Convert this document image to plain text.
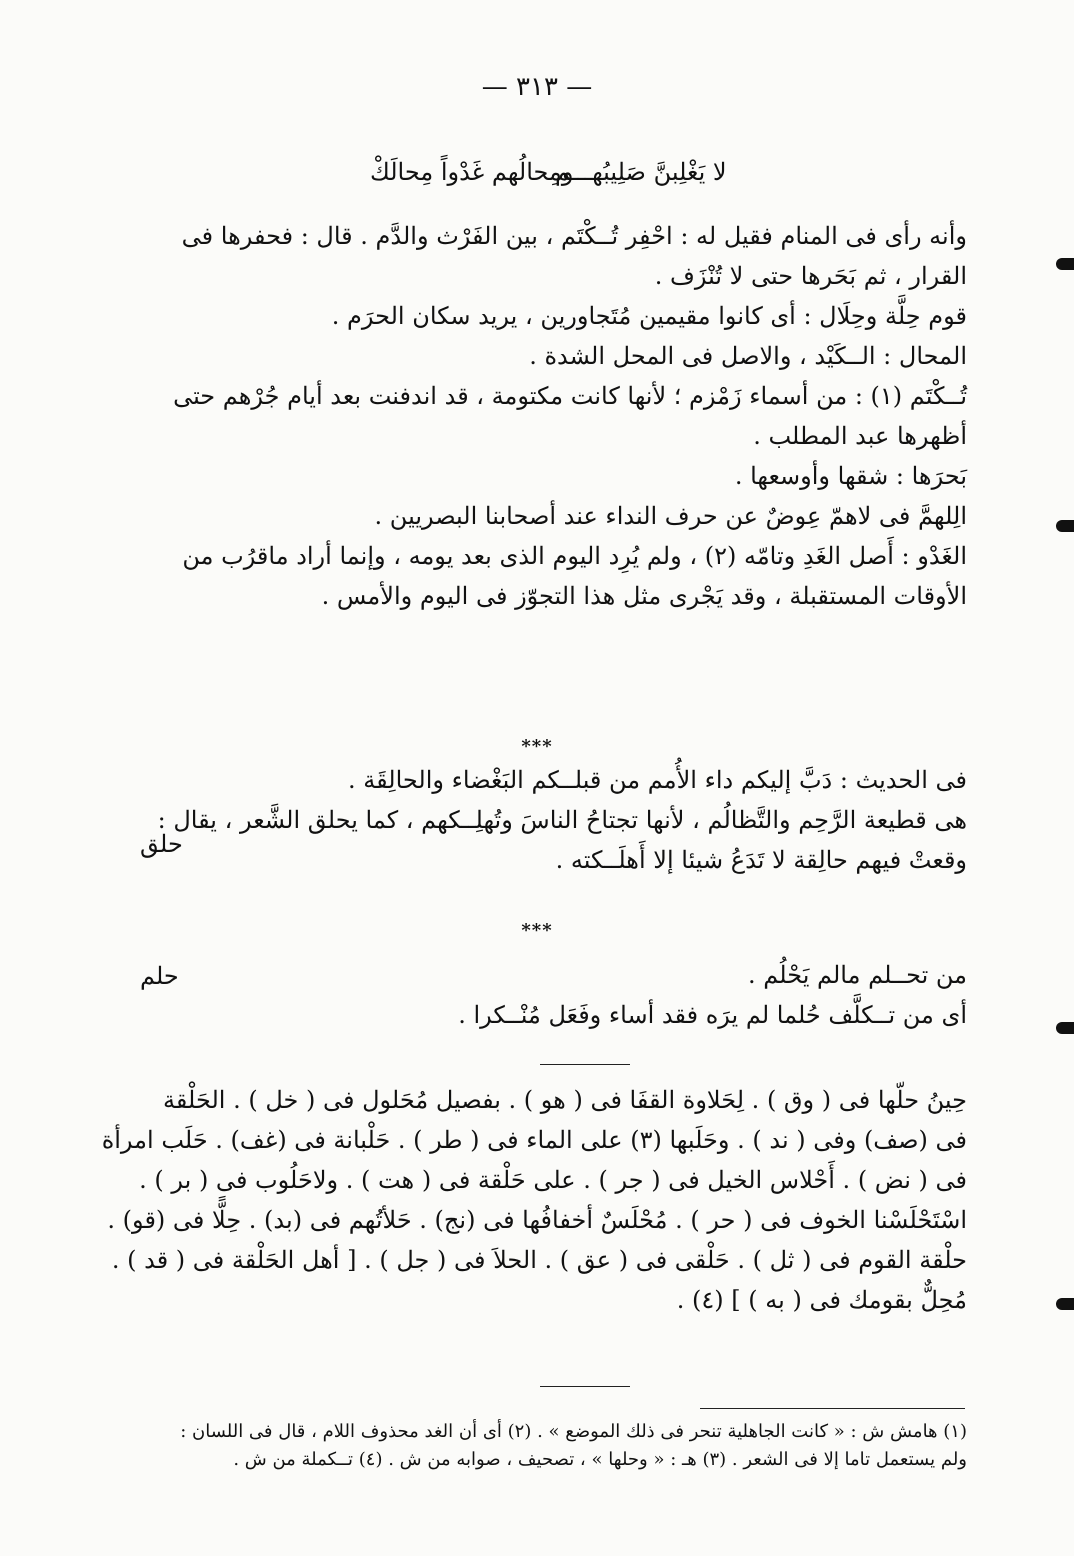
— ٣١٣ —
لا يَغْلِبنَّ صَلِيبُهـــم
ومِحالُهم غَدْواً مِحالَكْ
وأنه رأى فى المنام فقيل له : احْفِر تُــكْتَم ، بين الفَرْث والدَّم . قال : فحفرها فى
القرار ، ثم بَحَرها حتى لا تُنْزَف .
قوم حِلَّة وحِلَال : أى كانوا مقيمين مُتَجاورين ، يريد سكان الحرَم .
المحال : الــكَيْد ، والاصل فى المحل الشدة .
تُــكْتَم (١) : من أسماء زَمْزم ؛ لأنها كانت مكتومة ، قد اندفنت بعد أيام جُرْهم حتى
أظهرها عبد المطلب .
بَحرَها : شقها وأوسعها .
الِلهمَّ فى لاهمّ عِوضٌ عن حرف النداء عند أصحابنا البصريين .
الغَدْو : أَصل الغَدِ وتامّه (٢) ، ولم يُرِد اليوم الذى بعد يومه ، وإنما أراد ماقرُب من
الأوقات المستقبلة ، وقد يَجْرى مثل هذا التجوّز فى اليوم والأمس .
***
فى الحديث : دَبَّ إليكم داء الأُمم من قبلــكم البَغْضاء والحالِقَة .
هى قطيعة الرَّحِم والتَّظالُم ، لأنها تجتاحُ الناسَ وتُهلِــكهم ، كما يحلق الشَّعر ، يقال :
وقعتْ فيهم حالِقة لا تَدَعُ شيئا إلا أَهلَــكته .
***
من تحــلم مالم يَحْلُم .
أى من تــكلَّف حُلما لم يرَه فقد أساء وفَعَل مُنْــكرا .
حلق
حلم
حِينُ حلّها فى ( وق ) . لِحَلاوة القفَا فى ( هو ) . بفصيل مُحَلول فى ( خل ) . الحَلْقة
فى (صف) وفى ( ند ) . وحَلَبها (٣) على الماء فى ( طر ) . حَلْبانة فى (غف) . حَلَب امرأة
فى ( نض ) . أَحْلاس الخيل فى ( جر ) . على حَلْقة فى ( هت ) . ولاحَلُوب فى ( بر ) .
اسْتَحْلَسْنا الخوف فى ( حر ) . مُحْلَسٌ أخفافُها فى (نج) . حَلأتُهم فى (بد) . حِلًّا فى (قو) .
حلْقة القوم فى ( ثل ) . حَلْقى فى ( عق ) . الحلاَ فى ( جل ) . [ أهل الحَلْقة فى ( قد ) .
مُحِلٌّ بقومك فى ( به ) ] (٤) .
(١) هامش ش : « كانت الجاهلية تنحر فى ذلك الموضع » . (٢) أى أن الغد محذوف اللام ، قال فى اللسان :
ولم يستعمل تاما إلا فى الشعر . (٣) هـ : « وحلها » ، تصحيف ، صوابه من ش . (٤) تــكملة من ش .
